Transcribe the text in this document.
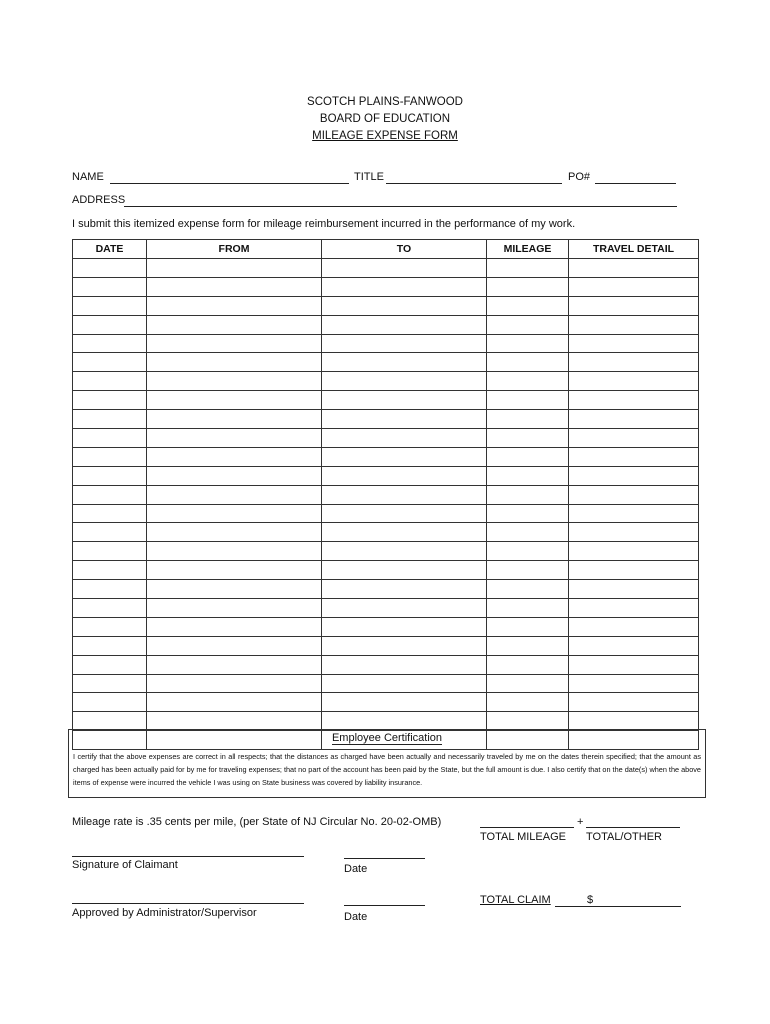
SCOTCH PLAINS-FANWOOD
BOARD OF EDUCATION
MILEAGE EXPENSE FORM
NAME	TITLE	PO#
ADDRESS
I submit this itemized expense form for mileage reimbursement incurred in the performance of my work.
DATE	FROM	TO	MILEAGE	TRAVEL DETAIL

Employee Certification
I certify that the above expenses are correct in all respects; that the distances as charged have been actually and necessarily traveled by me on the dates therein specified; that the amount as charged has been actually paid for by me for traveling expenses; that no part of the account has been paid by the State, but the full amount is due. I also certify that on the date(s) when the above items of expense were incurred the vehicle I was using on State business was covered by liability insurance.
Mileage rate is .35 cents per mile, (per State of NJ Circular No. 20-02-OMB)	+
TOTAL MILEAGE TOTAL/OTHER
Signature of Claimant	Date
Approved by Administrator/Supervisor	Date
TOTAL CLAIM	$
